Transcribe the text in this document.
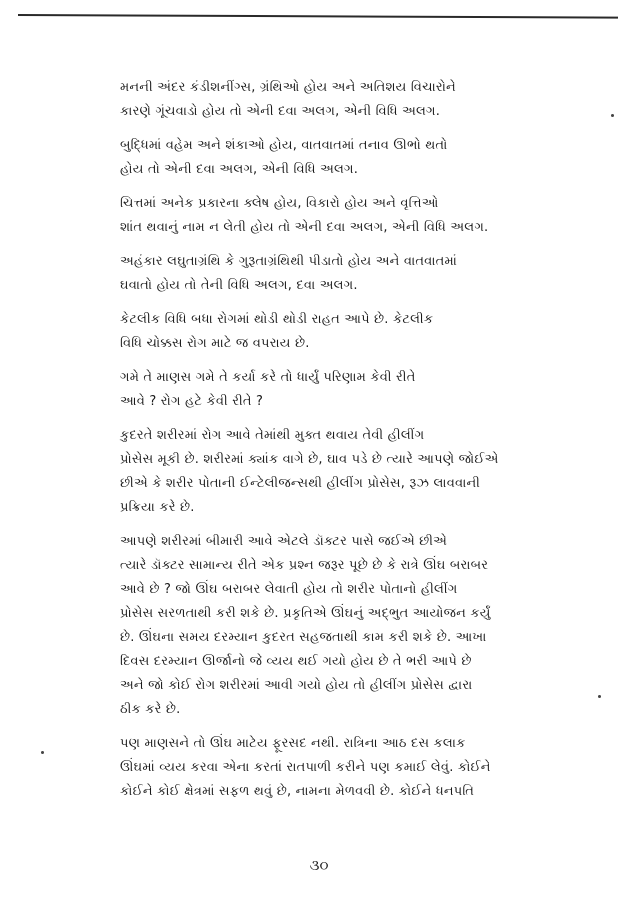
મનની અંદર કંડીશનીંગ્સ, ગ્રંથિઓ હોય અને અતિશય વિચારોને
કારણે ગૂંચવાડો હોય તો એની દવા અલગ, એની વિધિ અલગ.

બુદ્ધિમાં વહેમ અને શંકાઓ હોય, વાતવાતમાં તનાવ ઊભો થતો
હોય તો એની દવા અલગ, એની વિધિ અલગ.

ચિત્તમાં અનેક પ્રકારના ક્લેષ હોય, વિકારો હોય અને વૃત્તિઓ
શાંત થવાનું નામ ન લેતી હોય તો એની દવા અલગ, એની વિધિ અલગ.

અહંકાર લઘુતાગ્રંથિ કે ગુરૂતાગ્રંથિથી પીડાતો હોય અને વાતવાતમાં
ઘવાતો હોય તો તેની વિધિ અલગ, દવા અલગ.

કેટલીક વિધિ બધા રોગમાં થોડી થોડી રાહત આપે છે. કેટલીક
વિધિ ચોક્કસ રોગ માટે જ વપરાય છે.

ગમે તે માણસ ગમે તે કર્યા કરે તો ધાર્યું પરિણામ કેવી રીતે
આવે ? રોગ હટે કેવી રીતે ?

કુદરતે શરીરમાં રોગ આવે તેમાંથી મુક્ત થવાય તેવી હીલીંગ
પ્રોસેસ મૂકી છે. શરીરમાં ક્યાંક વાગે છે, ઘાવ પડે છે ત્યારે આપણે જોઈએ
છીએ કે શરીર પોતાની ઈન્ટેલીજન્સથી હીલીંગ પ્રોસેસ, રૂઝ લાવવાની
પ્રક્રિયા કરે છે.

આપણે શરીરમાં બીમારી આવે એટલે ડૉક્ટર પાસે જઈએ છીએ
ત્યારે ડૉક્ટર સામાન્ય રીતે એક પ્રશ્ન જરૂર પૂછે છે કે રાત્રે ઊંઘ બરાબર
આવે છે ? જો ઊંઘ બરાબર લેવાતી હોય તો શરીર પોતાનો હીલીંગ
પ્રોસેસ સરળતાથી કરી શકે છે. પ્રકૃતિએ ઊંઘનું અદ્‌ભુત આયોજન કર્યું
છે. ઊંઘના સમય દરમ્યાન કુદરત સહજતાથી કામ કરી શકે છે. આખા
દિવસ દરમ્યાન ઊર્જાનો જે વ્યય થઈ ગયો હોય છે તે ભરી આપે છે
અને જો કોઈ રોગ શરીરમાં આવી ગયો હોય તો હીલીંગ પ્રોસેસ દ્વારા
ઠીક કરે છે.

પણ માણસને તો ઊંઘ માટેય ફૂરસદ નથી. રાત્રિના આઠ દસ કલાક
ઊંઘમાં વ્યય કરવા એના કરતાં રાતપાળી કરીને પણ કમાઈ લેવું. કોઈને
કોઈને કોઈ ક્ષેત્રમાં સફળ થવું છે, નામના મેળવવી છે. કોઈને ધનપતિ

૩૦
